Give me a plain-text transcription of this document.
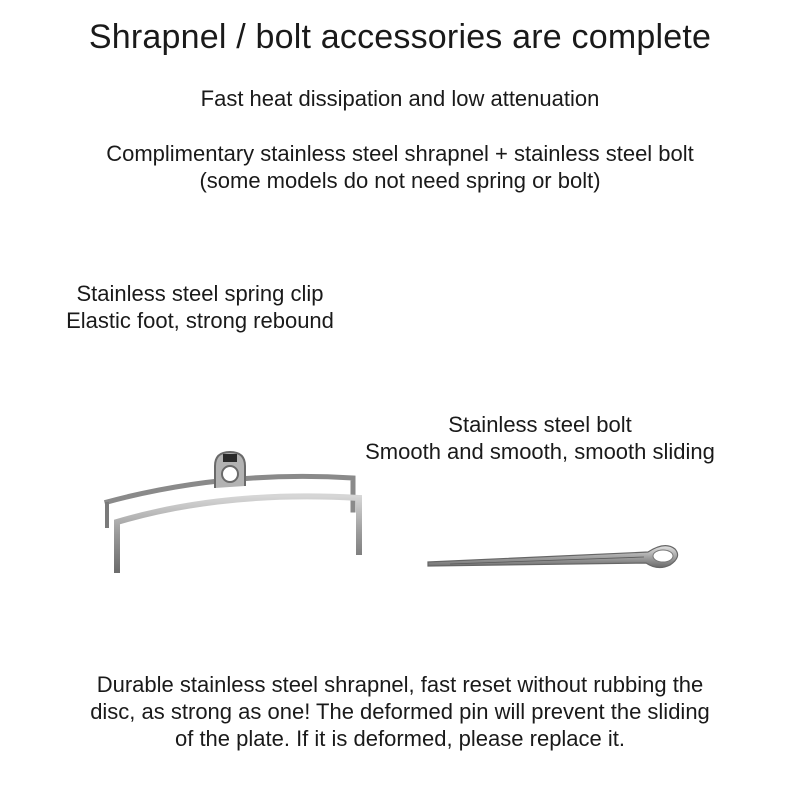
Shrapnel / bolt accessories are complete

Fast heat dissipation and low attenuation

Complimentary stainless steel shrapnel + stainless steel bolt
(some models do not need spring or bolt)
Stainless steel spring clip
Elastic foot, strong rebound
Stainless steel bolt
Smooth and smooth, smooth sliding
Durable stainless steel shrapnel, fast reset without rubbing the
disc, as strong as one! The deformed pin will prevent the sliding
of the plate. If it is deformed, please replace it.
